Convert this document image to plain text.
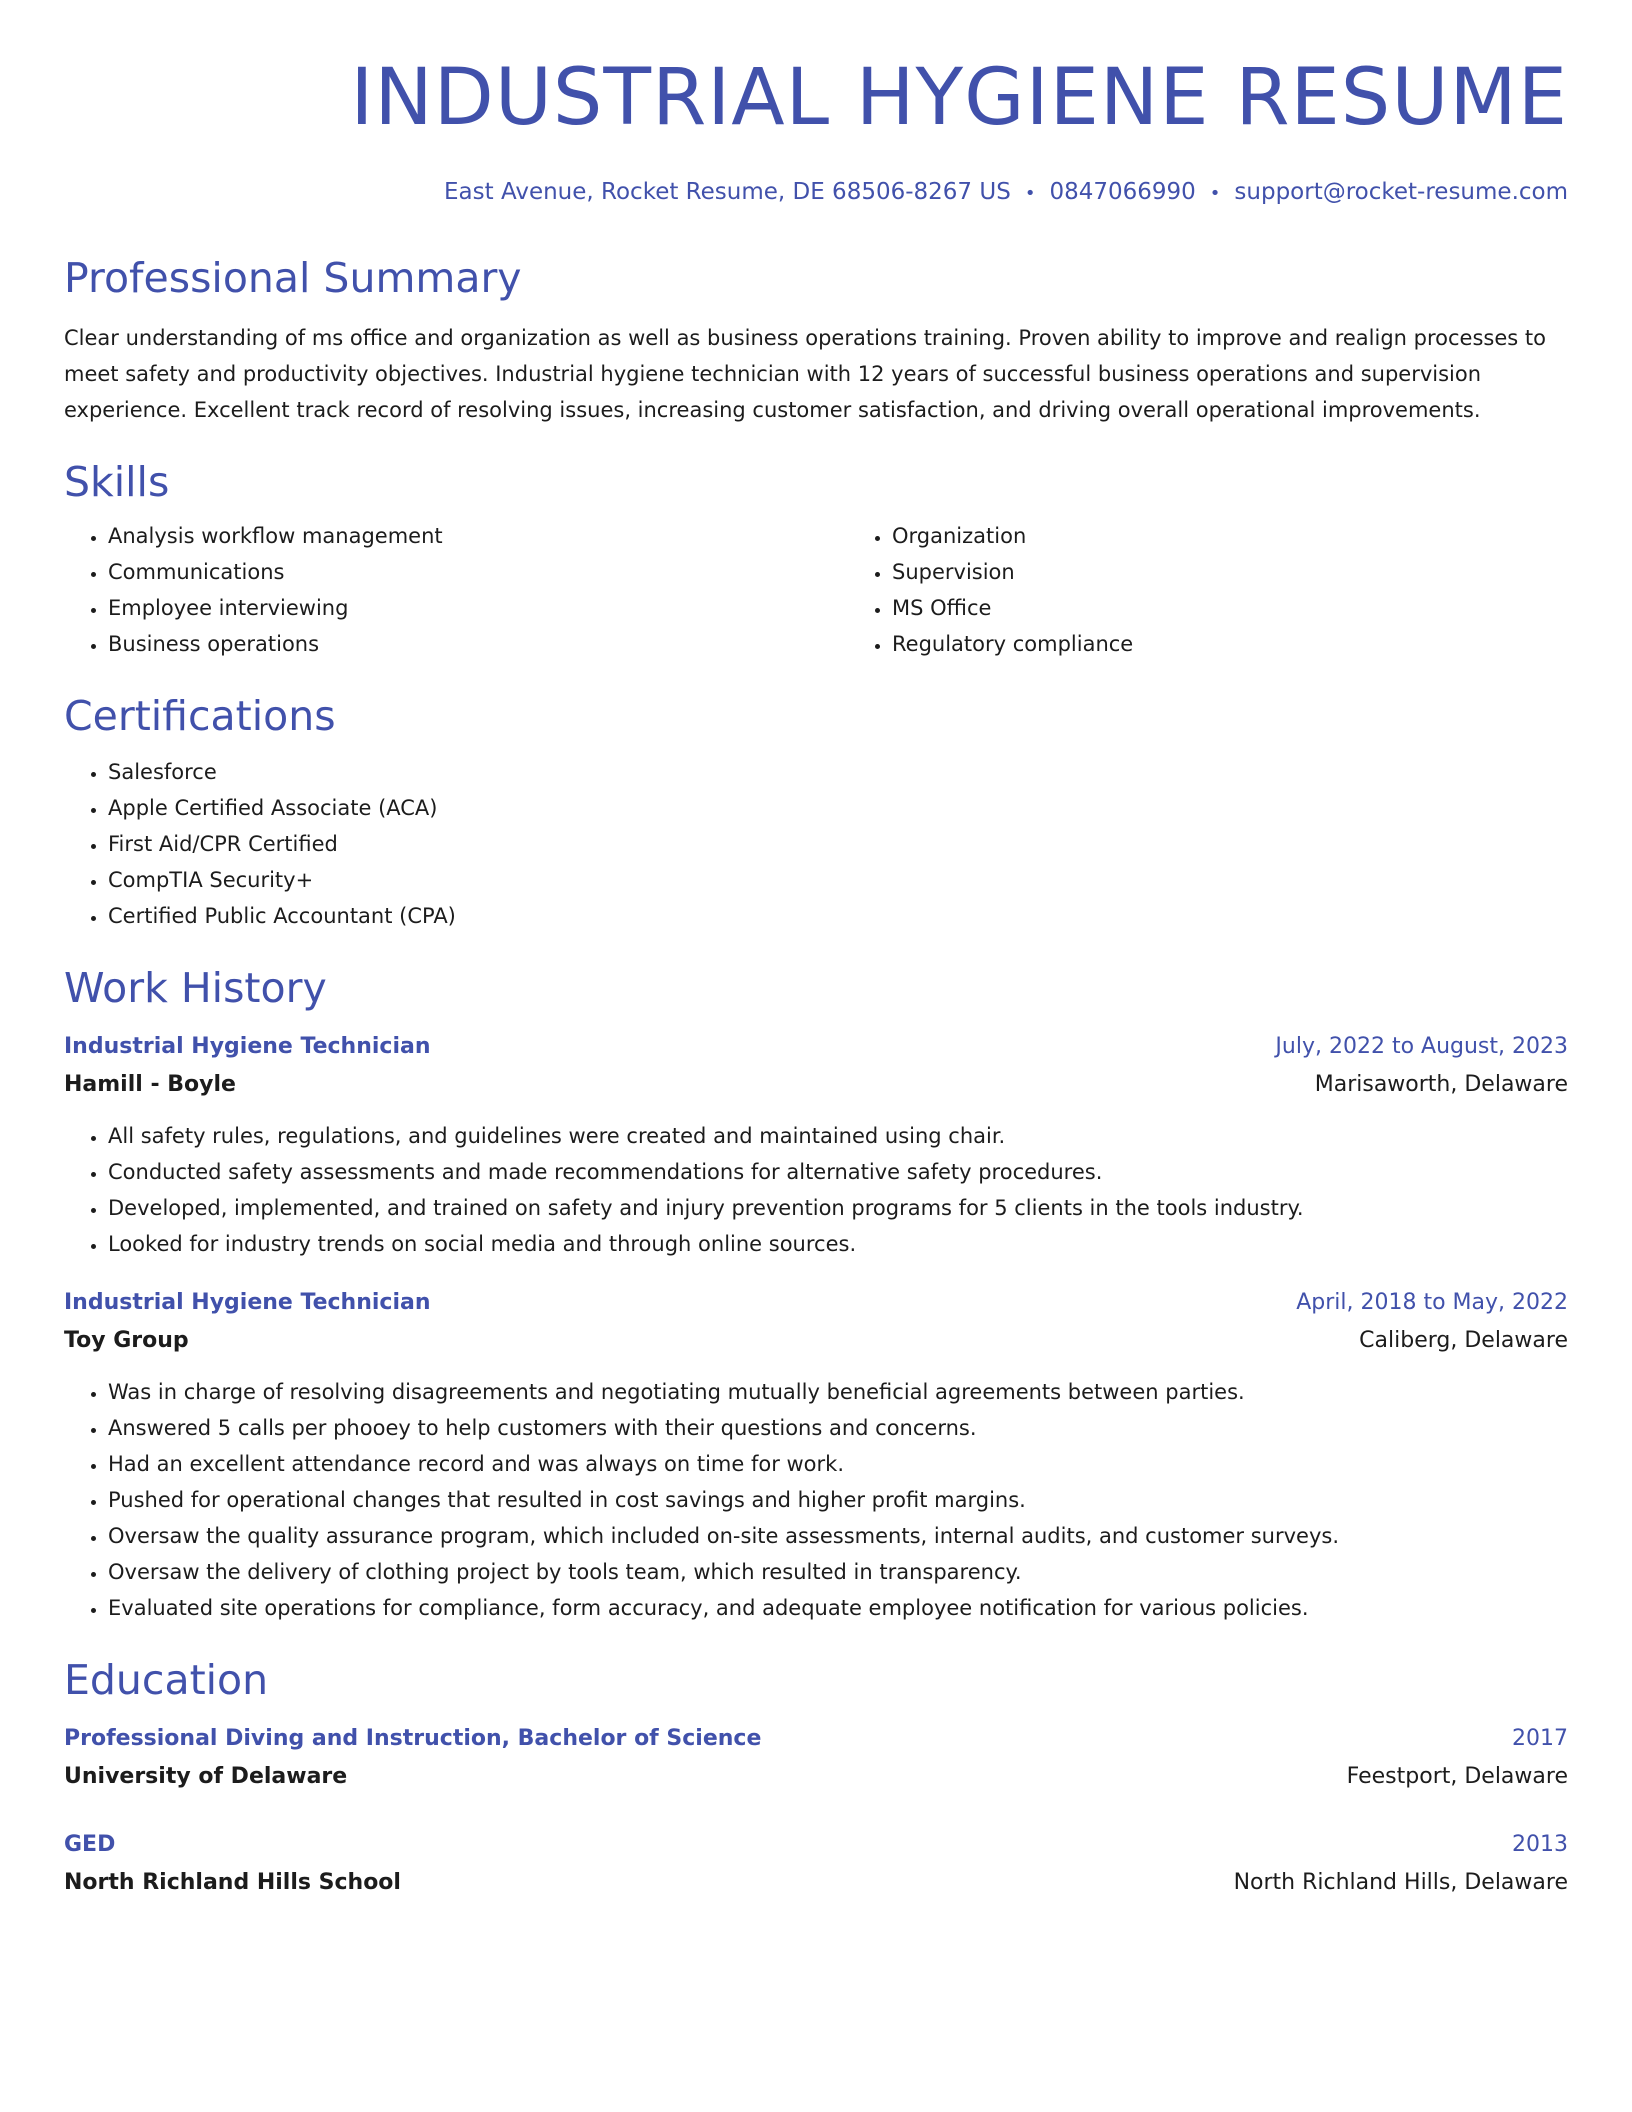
INDUSTRIAL HYGIENE RESUME
East Avenue, Rocket Resume, DE 68506-8267 US • 0847066990 • support@rocket-resume.com
Professional Summary

Clear understanding of ms office and organization as well as business operations training. Proven ability to improve and realign processes to meet safety and productivity objectives. Industrial hygiene technician with 12 years of successful business operations and supervision experience. Excellent track record of resolving issues, increasing customer satisfaction, and driving overall operational improvements.

Skills
• Analysis workflow management
• Communications
• Employee interviewing
• Business operations
• Organization
• Supervision
• MS Office
• Regulatory compliance
Certifications
• Salesforce
• Apple Certified Associate (ACA)
• First Aid/CPR Certified
• CompTIA Security+
• Certified Public Accountant (CPA)
Work History
Industrial Hygiene Technician	July, 2022 to August, 2023
Hamill - Boyle	Marisaworth, Delaware
• All safety rules, regulations, and guidelines were created and maintained using chair.
• Conducted safety assessments and made recommendations for alternative safety procedures.
• Developed, implemented, and trained on safety and injury prevention programs for 5 clients in the tools industry.
• Looked for industry trends on social media and through online sources.
Industrial Hygiene Technician	April, 2018 to May, 2022
Toy Group	Caliberg, Delaware
• Was in charge of resolving disagreements and negotiating mutually beneficial agreements between parties.
• Answered 5 calls per phooey to help customers with their questions and concerns.
• Had an excellent attendance record and was always on time for work.
• Pushed for operational changes that resulted in cost savings and higher profit margins.
• Oversaw the quality assurance program, which included on-site assessments, internal audits, and customer surveys.
• Oversaw the delivery of clothing project by tools team, which resulted in transparency.
• Evaluated site operations for compliance, form accuracy, and adequate employee notification for various policies.
Education
Professional Diving and Instruction, Bachelor of Science	2017
University of Delaware	Feestport, Delaware
GED	2013
North Richland Hills School	North Richland Hills, Delaware
